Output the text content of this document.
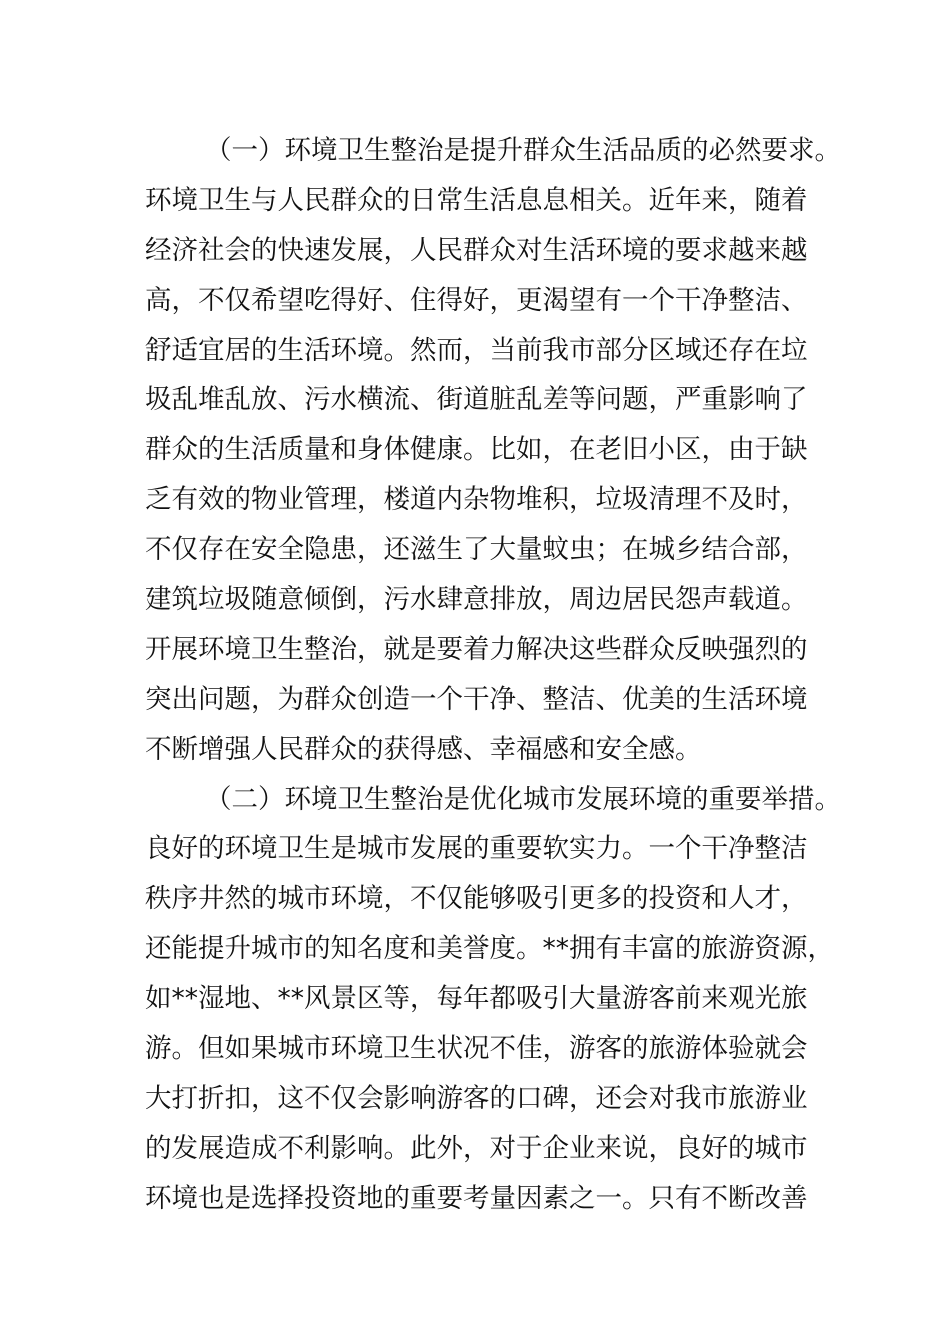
（一）环境卫生整治是提升群众生活品质的必然要求。
环境卫生与人民群众的日常生活息息相关。近年来，随着
经济社会的快速发展，人民群众对生活环境的要求越来越
高，不仅希望吃得好、住得好，更渴望有一个干净整洁、
舒适宜居的生活环境。然而，当前我市部分区域还存在垃
圾乱堆乱放、污水横流、街道脏乱差等问题，严重影响了
群众的生活质量和身体健康。比如，在老旧小区，由于缺
乏有效的物业管理，楼道内杂物堆积，垃圾清理不及时，
不仅存在安全隐患，还滋生了大量蚊虫；在城乡结合部，
建筑垃圾随意倾倒，污水肆意排放，周边居民怨声载道。
开展环境卫生整治，就是要着力解决这些群众反映强烈的
突出问题，为群众创造一个干净、整洁、优美的生活环境
不断增强人民群众的获得感、幸福感和安全感。
（二）环境卫生整治是优化城市发展环境的重要举措。
良好的环境卫生是城市发展的重要软实力。一个干净整洁
秩序井然的城市环境，不仅能够吸引更多的投资和人才，
还能提升城市的知名度和美誉度。**拥有丰富的旅游资源，
如**湿地、**风景区等，每年都吸引大量游客前来观光旅
游。但如果城市环境卫生状况不佳，游客的旅游体验就会
大打折扣，这不仅会影响游客的口碑，还会对我市旅游业
的发展造成不利影响。此外，对于企业来说，良好的城市
环境也是选择投资地的重要考量因素之一。只有不断改善
